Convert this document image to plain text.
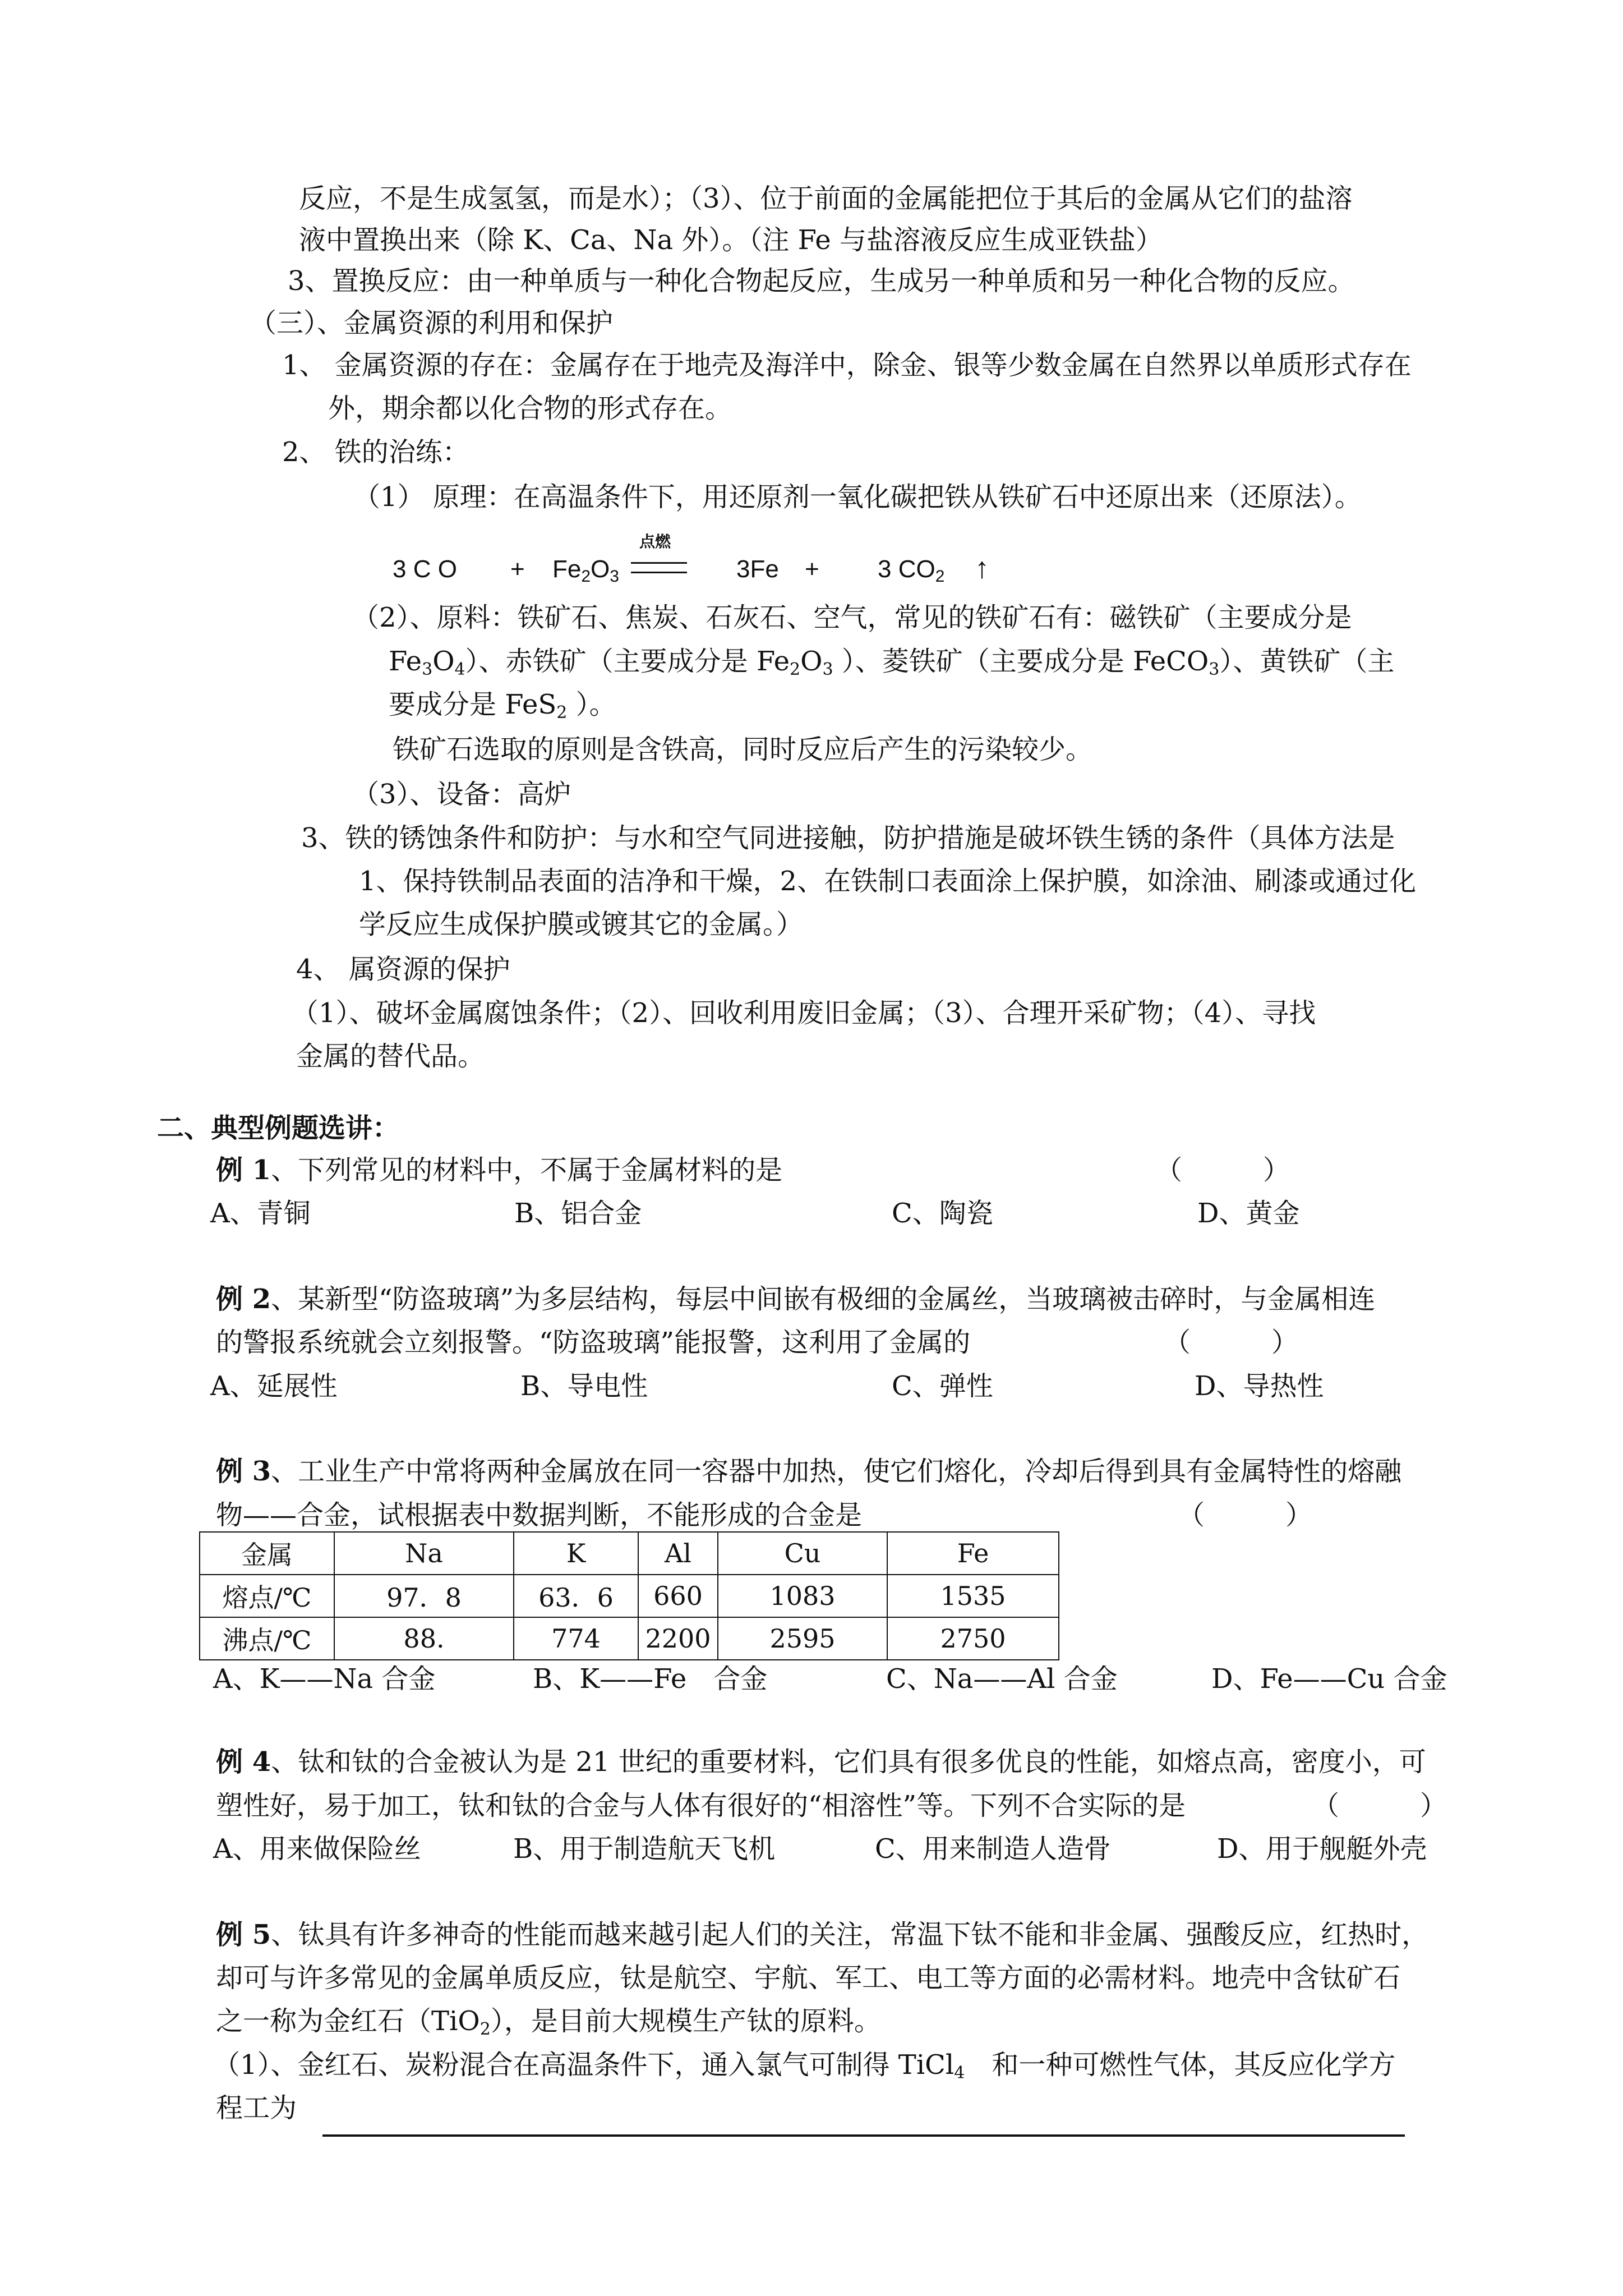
反应，不是生成氢氢，而是水）；（3）、位于前面的金属能把位于其后的金属从它们的盐溶
液中置换出来（除 K、Ca、Na 外）。（注 Fe 与盐溶液反应生成亚铁盐）
3、置换反应：由一种单质与一种化合物起反应，生成另一种单质和另一种化合物的反应。
（三）、金属资源的利用和保护
1、 金属资源的存在：金属存在于地壳及海洋中，除金、银等少数金属在自然界以单质形式存在
外，期余都以化合物的形式存在。
2、 铁的治练：
（1） 原理：在高温条件下，用还原剂一氧化碳把铁从铁矿石中还原出来（还原法）。
3 C $O + Fe_2O_3$
点燃
3Fe + 3 $CO_2$ ↑
（2）、原料：铁矿石、焦炭、石灰石、空气，常见的铁矿石有：磁铁矿（主要成分是
$Fe_3O_4$）、赤铁矿（主要成分是 $Fe_2O_3$ ）、菱铁矿（主要成分是 FeCO$_3$）、黄铁矿（主
要成分是 FeS$_2$ ）。
铁矿石选取的原则是含铁高，同时反应后产生的污染较少。
（3）、设备：高炉
3、铁的锈蚀条件和防护：与水和空气同进接触，防护措施是破坏铁生锈的条件（具体方法是
1、保持铁制品表面的洁净和干燥，2、在铁制口表面涂上保护膜，如涂油、刷漆或通过化
学反应生成保护膜或镀其它的金属。）
4、 属资源的保护
（1）、破坏金属腐蚀条件；（2）、回收利用废旧金属；（3）、合理开采矿物；（4）、寻找
金属的替代品。
二、典型例题选讲：
例 1、下列常见的材料中，不属于金属材料的是	（　　　）
A、青铜	B、铝合金	C、陶瓷	D、黄金
例 2、某新型“防盗玻璃”为多层结构，每层中间嵌有极细的金属丝，当玻璃被击碎时，与金属相连
的警报系统就会立刻报警。“防盗玻璃”能报警，这利用了金属的	（　　　）
A、延展性	B、导电性	C、弹性	D、导热性
例 3、工业生产中常将两种金属放在同一容器中加热，使它们熔化，冷却后得到具有金属特性的熔融
物——合金，试根据表中数据判断，不能形成的合金是	（　　　）
金属	Na	K	Al	Cu	Fe
熔点/℃	97．8	63．6	660	1083	1535
沸点/℃	88.	774	2200	2595	2750
A、K——Na 合金	B、K——Fe　合金	C、Na——Al 合金	D、Fe——Cu 合金
例 4、钛和钛的合金被认为是 21 世纪的重要材料，它们具有很多优良的性能，如熔点高，密度小，可
塑性好，易于加工，钛和钛的合金与人体有很好的“相溶性”等。下列不合实际的是	（　　　）
A、用来做保险丝	B、用于制造航天飞机	C、用来制造人造骨	D、用于舰艇外壳
例 5、钛具有许多神奇的性能而越来越引起人们的关注，常温下钛不能和非金属、强酸反应，红热时，
却可与许多常见的金属单质反应，钛是航空、宇航、军工、电工等方面的必需材料。地壳中含钛矿石
之一称为金红石（TiO$_2$），是目前大规模生产钛的原料。
（1）、金红石、炭粉混合在高温条件下，通入氯气可制得 TiCl$_4$　和一种可燃性气体，其反应化学方
程工为
